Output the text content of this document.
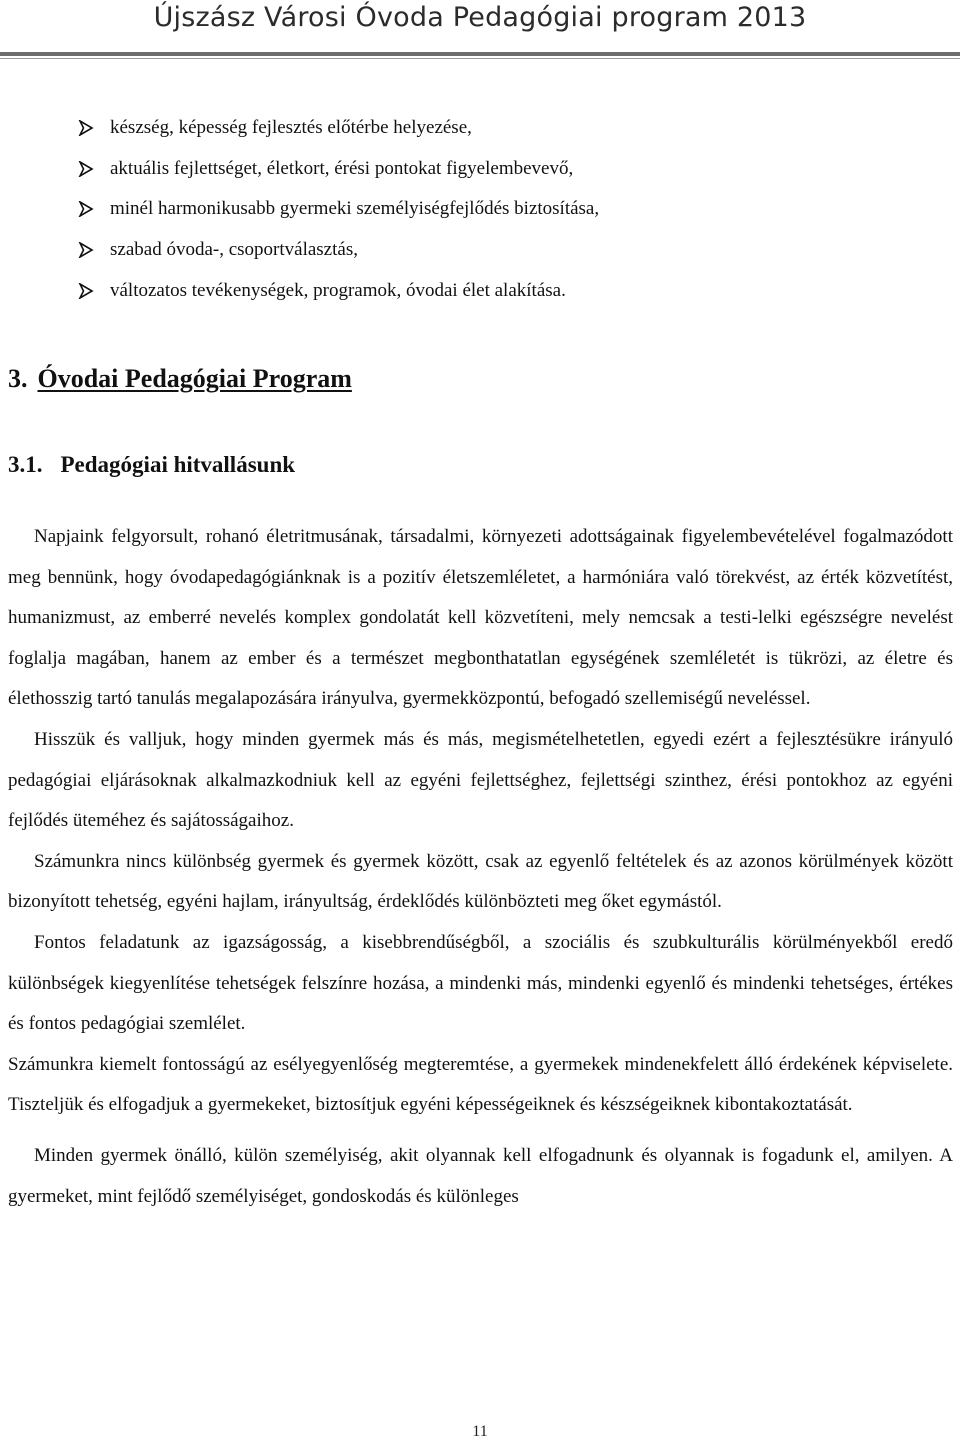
Újszász Városi Óvoda Pedagógiai program 2013
készség, képesség fejlesztés előtérbe helyezése,
aktuális fejlettséget, életkort, érési pontokat figyelembevevő,
minél harmonikusabb gyermeki személyiségfejlődés biztosítása,
szabad óvoda-, csoportválasztás,
változatos tevékenységek, programok, óvodai élet alakítása.
3. Óvodai Pedagógiai Program
3.1. Pedagógiai hitvallásunk

Napjaink felgyorsult, rohanó életritmusának, társadalmi, környezeti adottságainak figyelembevételével fogalmazódott meg bennünk, hogy óvodapedagógiánknak is a pozitív életszemléletet, a harmóniára való törekvést, az érték közvetítést, humanizmust, az emberré nevelés komplex gondolatát kell közvetíteni, mely nemcsak a testi-lelki egészségre nevelést foglalja magában, hanem az ember és a természet megbonthatatlan egységének szemléletét is tükrözi, az életre és élethosszig tartó tanulás megalapozására irányulva, gyermekközpontú, befogadó szellemiségű neveléssel.

Hisszük és valljuk, hogy minden gyermek más és más, megismételhetetlen, egyedi ezért a fejlesztésükre irányuló pedagógiai eljárásoknak alkalmazkodniuk kell az egyéni fejlettséghez, fejlettségi szinthez, érési pontokhoz az egyéni fejlődés üteméhez és sajátosságaihoz.

Számunkra nincs különbség gyermek és gyermek között, csak az egyenlő feltételek és az azonos körülmények között bizonyított tehetség, egyéni hajlam, irányultság, érdeklődés különbözteti meg őket egymástól.

Fontos feladatunk az igazságosság, a kisebbrendűségből, a szociális és szubkulturális körülményekből eredő különbségek kiegyenlítése tehetségek felszínre hozása, a mindenki más, mindenki egyenlő és mindenki tehetséges, értékes és fontos pedagógiai szemlélet.

Számunkra kiemelt fontosságú az esélyegyenlőség megteremtése, a gyermekek mindenekfelett álló érdekének képviselete. Tiszteljük és elfogadjuk a gyermekeket, biztosítjuk egyéni képességeiknek és készségeiknek kibontakoztatását.

Minden gyermek önálló, külön személyiség, akit olyannak kell elfogadnunk és olyannak is fogadunk el, amilyen. A gyermeket, mint fejlődő személyiséget, gondoskodás és különleges

11
